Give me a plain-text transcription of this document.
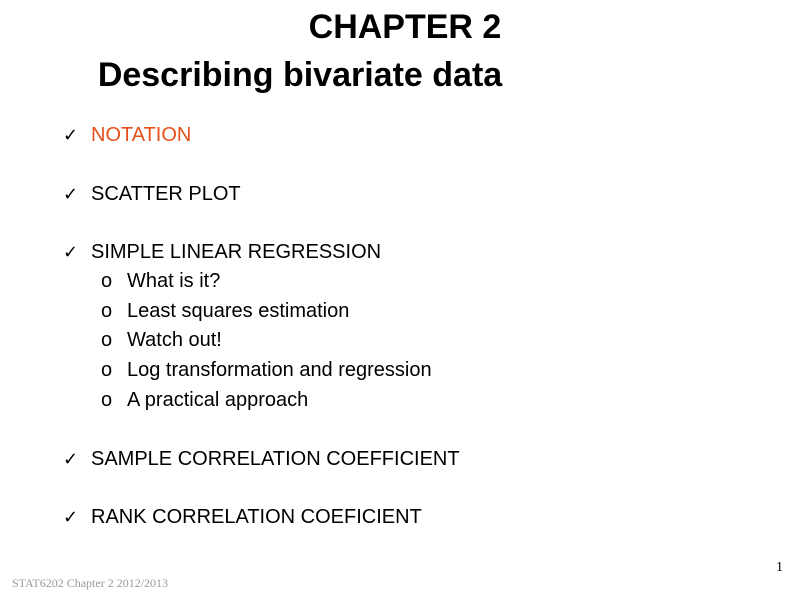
CHAPTER 2
Describing bivariate data
✓ NOTATION
✓ SCATTER PLOT
✓ SIMPLE LINEAR REGRESSION
o What is it?
o Least squares estimation
o Watch out!
o Log transformation and regression
o A practical approach
✓ SAMPLE CORRELATION COEFFICIENT
✓ RANK CORRELATION COEFICIENT
STAT6202 Chapter 2 2012/2013
1
